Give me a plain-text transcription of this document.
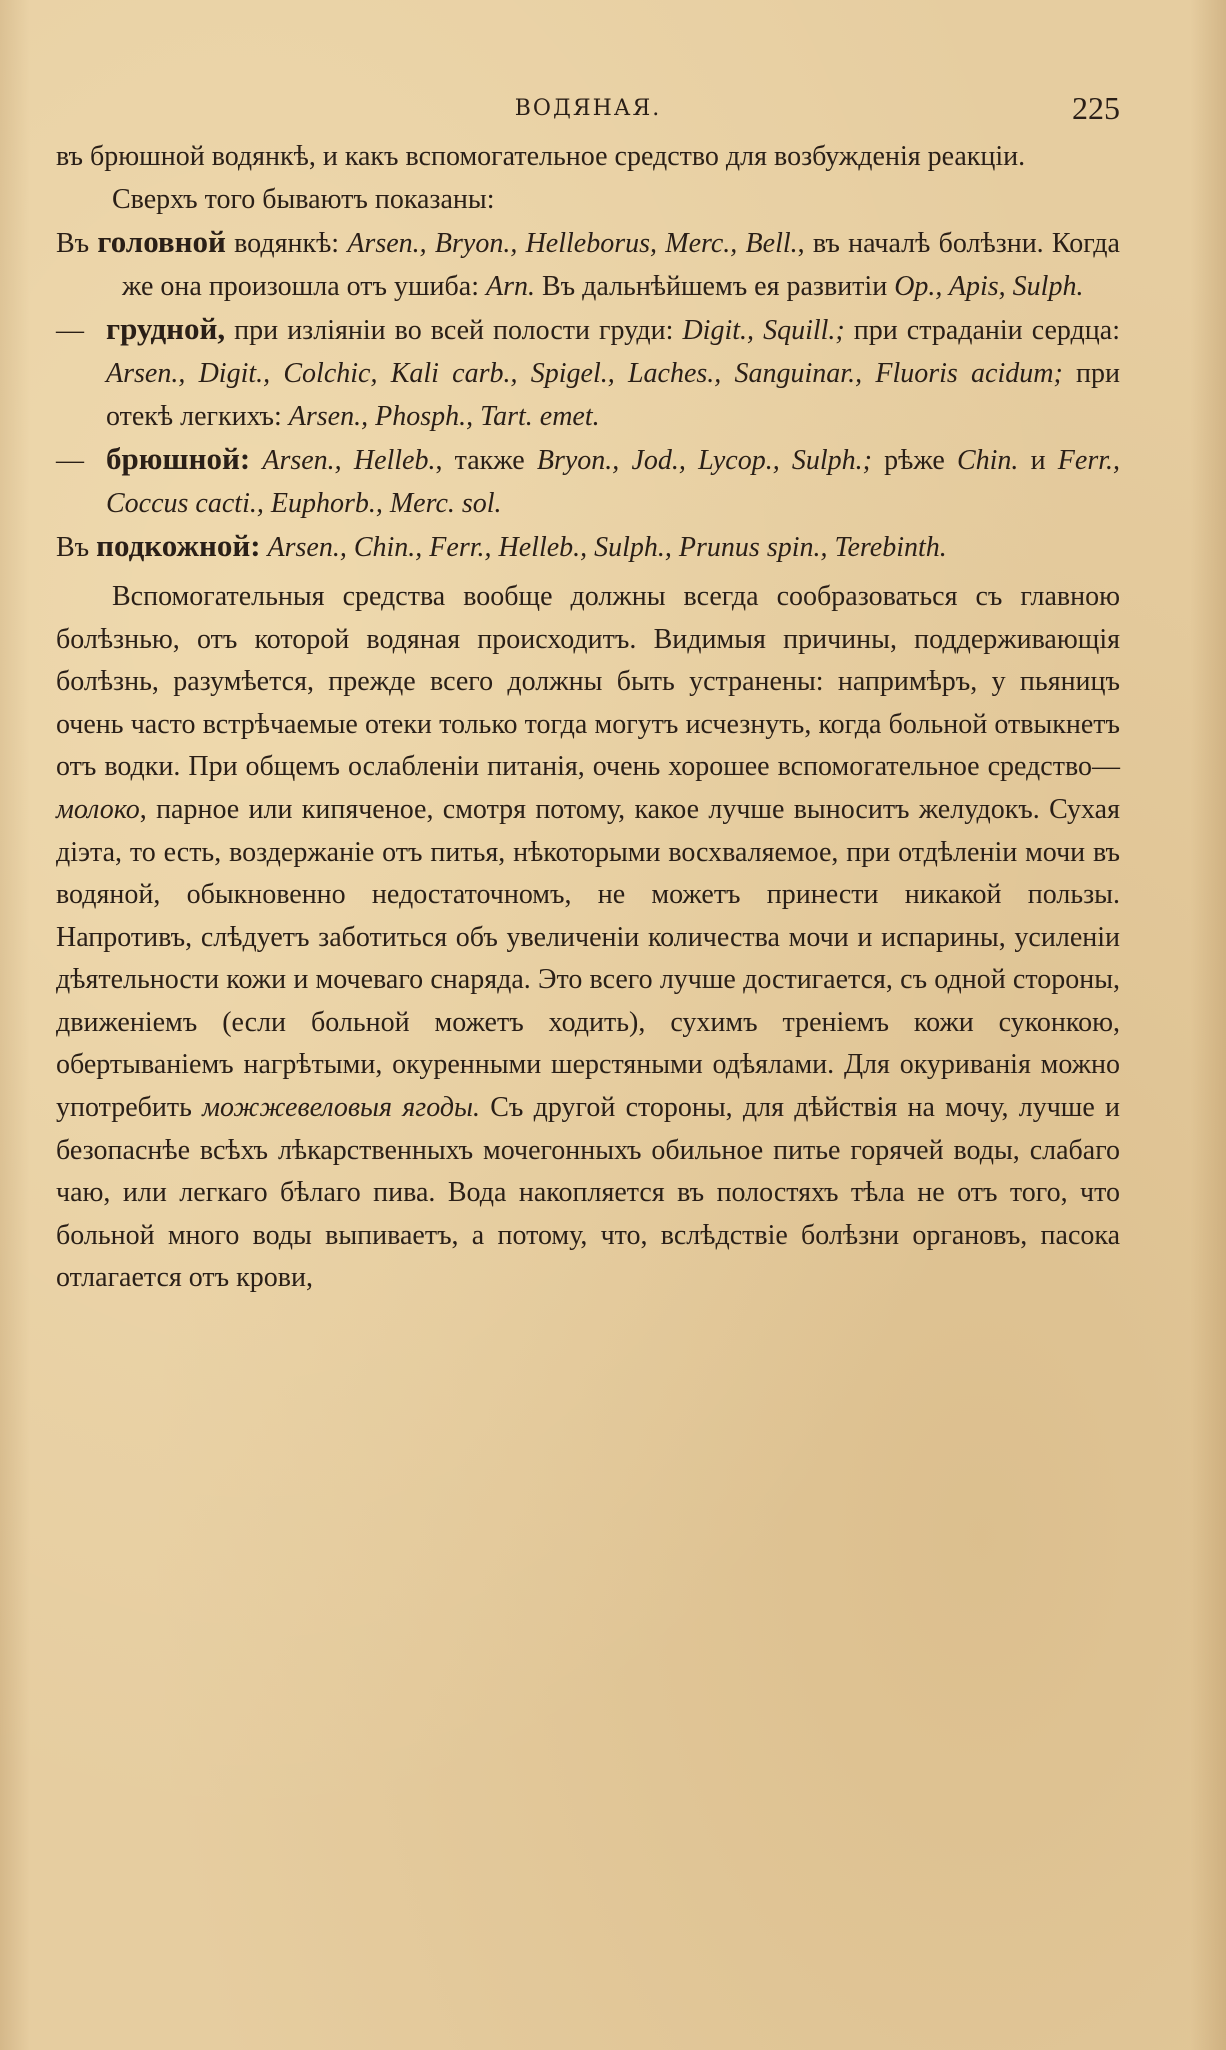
ВОДЯНАЯ.	225

въ брюшной водянкѣ, и какъ вспомогательное средство для возбужденія реакціи.

Сверхъ того бываютъ показаны:

Въ головной водянкѣ: Arsen., Bryon., Helleborus, Merc., Bell., въ началѣ болѣзни. Когда же она произошла отъ ушиба: Arn. Въ дальнѣйшемъ ея развитіи Op., Apis, Sulph.

— грудной, при изліяніи во всей полости груди: Digit., Squill.; при страданіи сердца: Arsen., Digit., Colchic, Kali carb., Spigel., Laches., Sanguinar., Fluoris acidum; при отекѣ легкихъ: Arsen., Phosph., Tart. emet.

— брюшной: Arsen., Helleb., также Bryon., Jod., Lycop., Sulph.; рѣже Chin. и Ferr., Coccus cacti., Euphorb., Merc. sol.

Въ подкожной: Arsen., Chin., Ferr., Helleb., Sulph., Prunus spin., Terebinth.

Вспомогательныя средства вообще должны всегда сообразоваться съ главною болѣзнью, отъ которой водяная происходитъ. Видимыя причины, поддерживающія болѣзнь, разумѣется, прежде всего должны быть устранены: напримѣръ, у пьяницъ очень часто встрѣчаемые отеки только тогда могутъ исчезнуть, когда больной отвыкнетъ отъ водки. При общемъ ослабленіи питанія, очень хорошее вспомогательное средство—молоко, парное или кипяченое, смотря потому, какое лучше выноситъ желудокъ. Сухая діэта, то есть, воздержаніе отъ питья, нѣкоторыми восхваляемое, при отдѣленіи мочи въ водяной, обыкновенно недостаточномъ, не можетъ принести никакой пользы. Напротивъ, слѣдуетъ заботиться объ увеличеніи количества мочи и испарины, усиленіи дѣятельности кожи и мочеваго снаряда. Это всего лучше достигается, съ одной стороны, движеніемъ (если больной можетъ ходить), сухимъ треніемъ кожи суконкою, обертываніемъ нагрѣтыми, окуренными шерстяными одѣялами. Для окуриванія можно употребить можжевеловыя ягоды. Съ другой стороны, для дѣйствія на мочу, лучше и безопаснѣе всѣхъ лѣкарственныхъ мочегонныхъ обильное питье горячей воды, слабаго чаю, или легкаго бѣлаго пива. Вода накопляется въ полостяхъ тѣла не отъ того, что больной много воды выпиваетъ, а потому, что, вслѣдствіе болѣзни органовъ, пасока отлагается отъ крови,
